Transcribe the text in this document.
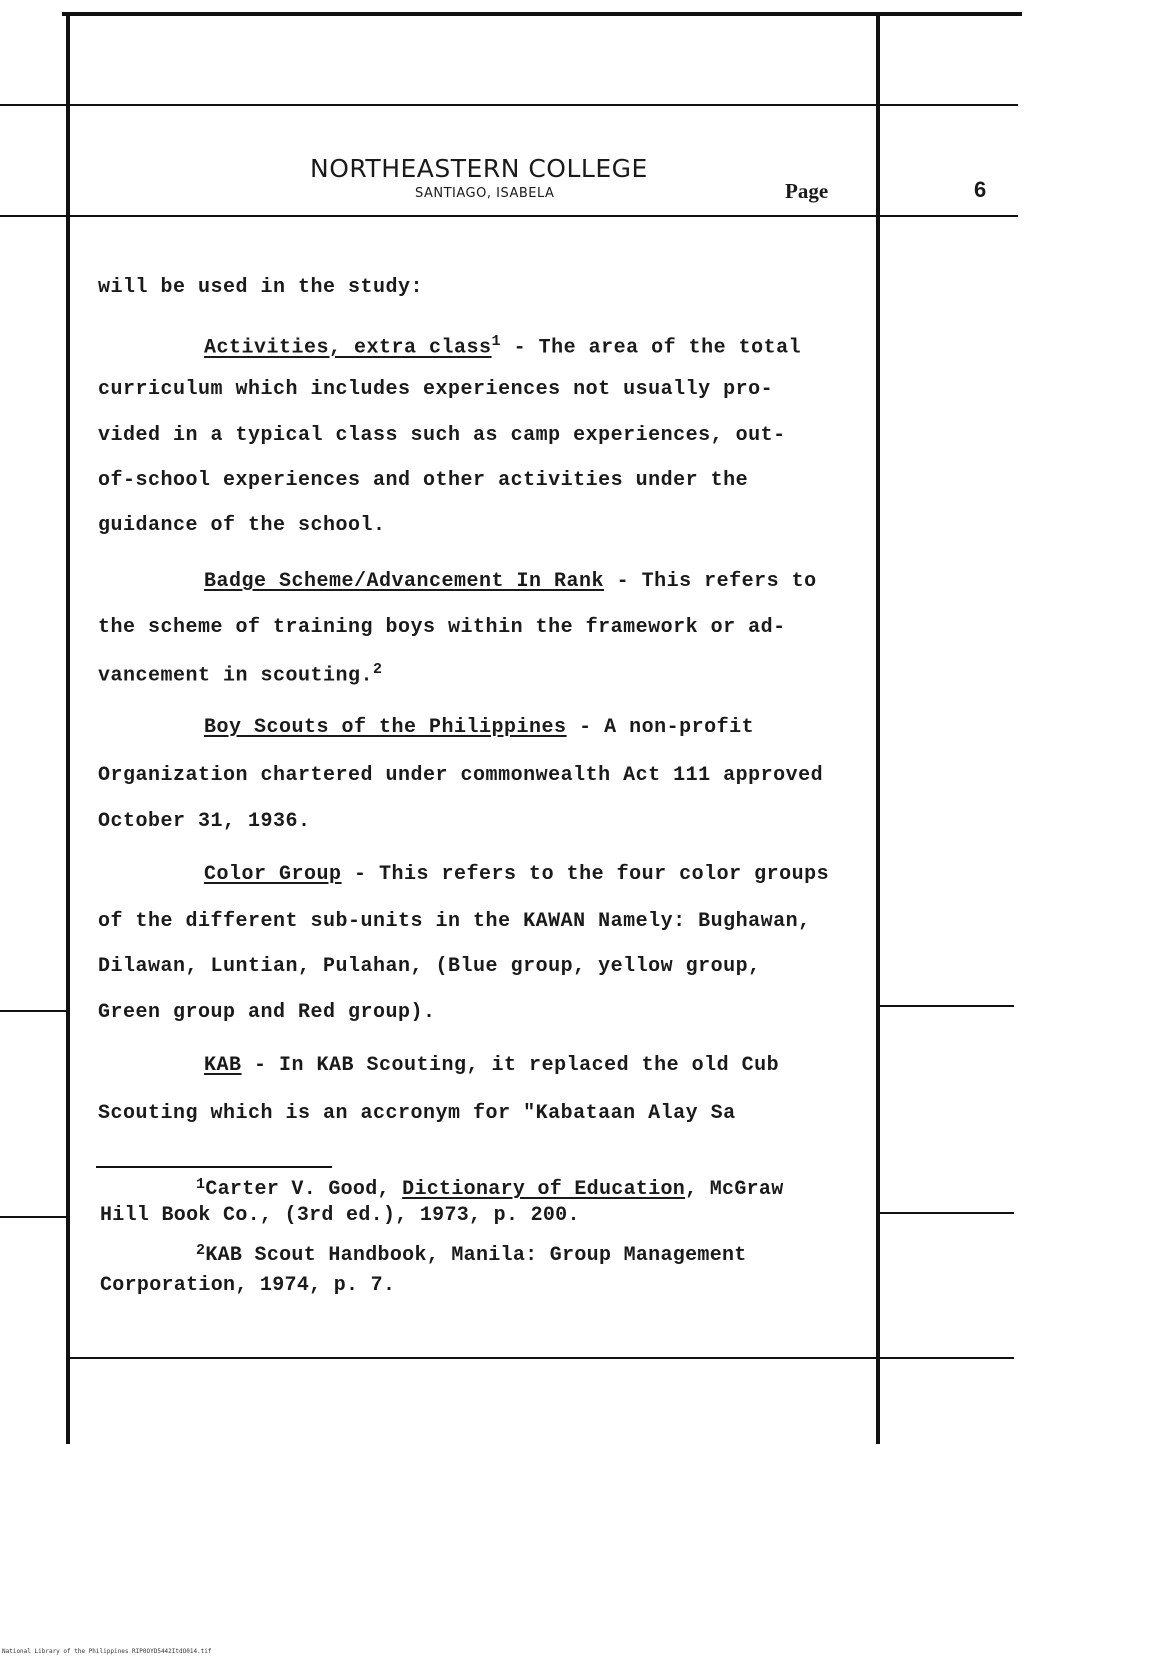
NORTHEASTERN COLLEGE
SANTIAGO, ISABELA	Page	6
will be used in the study:
Activities, extra class$^1$ - The area of the total
curriculum which includes experiences not usually pro-
vided in a typical class such as camp experiences, out-
of-school experiences and other activities under the
guidance of the school.
Badge Scheme/Advancement In Rank - This refers to
the scheme of training boys within the framework or ad-
vancement in scouting.$^2$
Boy Scouts of the Philippines - A non-profit
Organization chartered under commonwealth Act 111 approved
October 31, 1936.
Color Group - This refers to the four color groups
of the different sub-units in the KAWAN Namely: Bughawan,
Dilawan, Luntian, Pulahan, (Blue group, yellow group,
Green group and Red group).
KAB - In KAB Scouting, it replaced the old Cub
Scouting which is an accronym for "Kabataan Alay Sa
$^1$Carter V. Good, Dictionary of Education, McGraw
Hill Book Co., (3rd ed.), 1973, p. 200.
$^2$KAB Scout Handbook, Manila: Group Management
Corporation, 1974, p. 7.
National Library of the Philippines RIP0OYD5442ItdO014.tif
